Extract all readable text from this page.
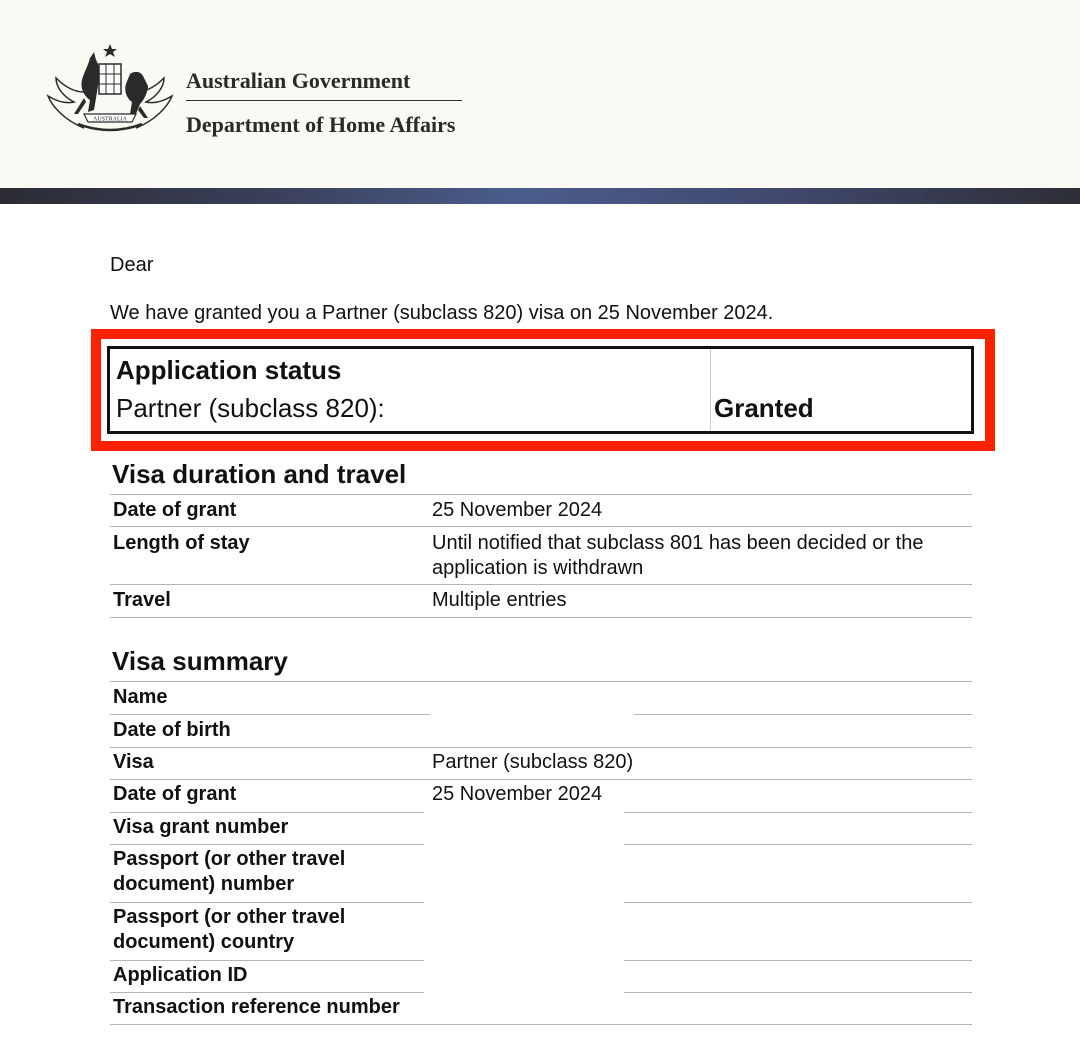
AUSTRALIA
Australian Government
Department of Home Affairs
Dear
We have granted you a Partner (subclass 820) visa on 25 November 2024.
Application status
Partner (subclass 820):	Granted
Visa duration and travel
Date of grant	25 November 2024
Length of stay	Until notified that subclass 801 has been decided or the
application is withdrawn
Travel	Multiple entries
Visa summary
Name
Date of birth
Visa	Partner (subclass 820)
Date of grant	25 November 2024
Visa grant number
Passport (or other travel
document) number
Passport (or other travel
document) country
Application ID
Transaction reference number
